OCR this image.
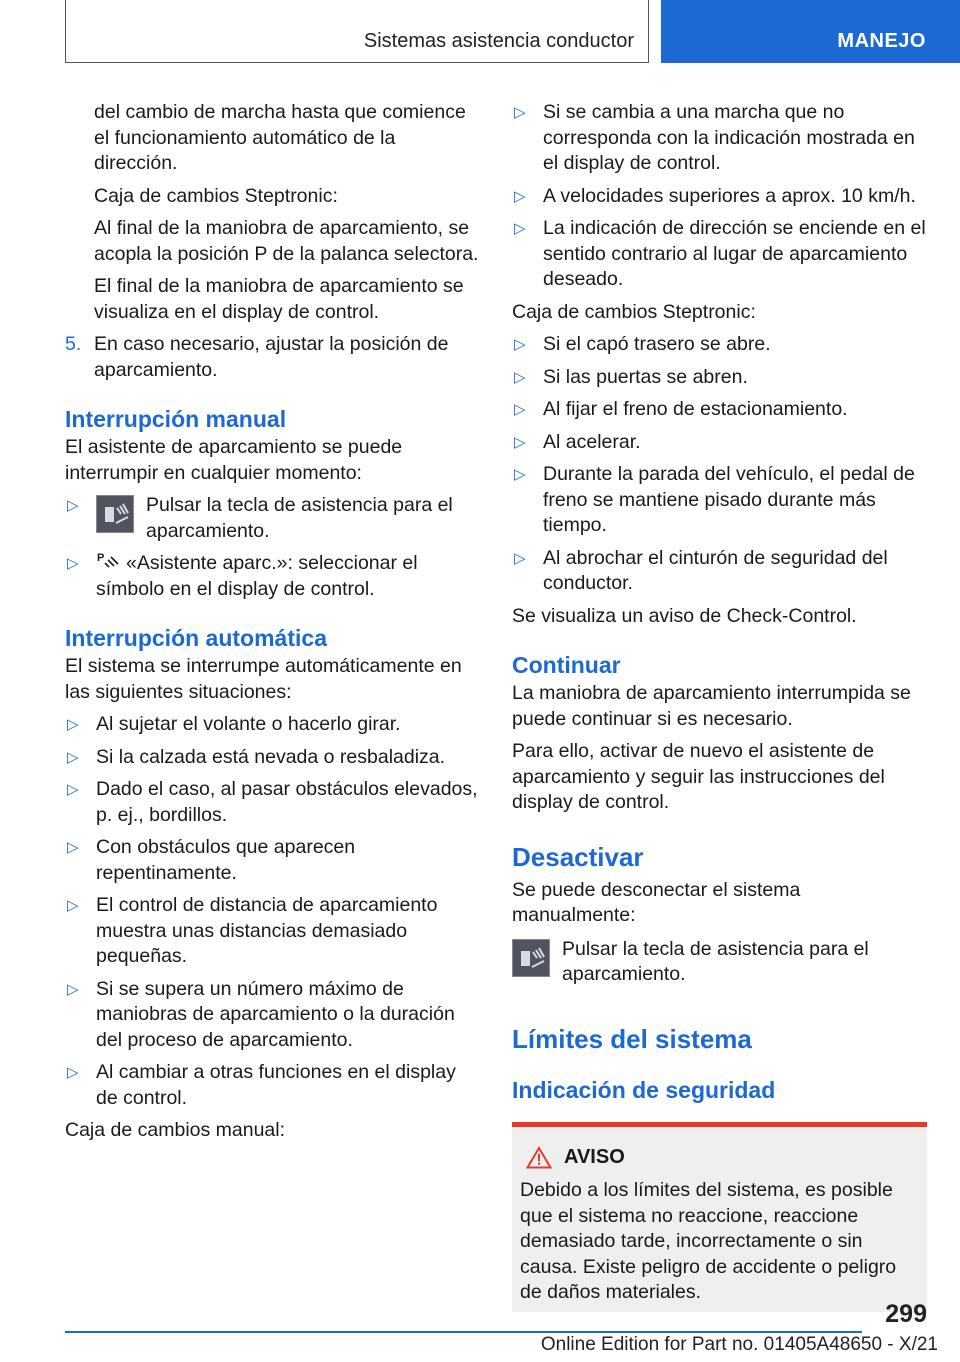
Sistemas asistencia conductor	MANEJO

del cambio de marcha hasta que comience el funcionamiento automático de la dirección.

Caja de cambios Steptronic:

Al final de la maniobra de aparcamiento, se acopla la posición P de la palanca selectora.

El final de la maniobra de aparcamiento se visualiza en el display de control.

5. En caso necesario, ajustar la posición de aparcamiento.
Interrupción manual

El asistente de aparcamiento se puede interrumpir en cualquier momento:

▷	Pulsar la tecla de asistencia para el aparcamiento.
▷	P «Asistente aparc.»: seleccionar el símbolo en el display de control.
Interrupción automática

El sistema se interrumpe automáticamente en las siguientes situaciones:

▷ Al sujetar el volante o hacerlo girar.
▷ Si la calzada está nevada o resbaladiza.
▷ Dado el caso, al pasar obstáculos elevados, p. ej., bordillos.
▷ Con obstáculos que aparecen repentinamente.
▷ El control de distancia de aparcamiento muestra unas distancias demasiado pequeñas.
▷ Si se supera un número máximo de maniobras de aparcamiento o la duración del proceso de aparcamiento.
▷ Al cambiar a otras funciones en el display de control.

Caja de cambios manual:

▷ Si se cambia a una marcha que no corresponda con la indicación mostrada en el display de control.
▷ A velocidades superiores a aprox. 10 km/h.
▷ La indicación de dirección se enciende en el sentido contrario al lugar de aparcamiento deseado.

Caja de cambios Steptronic:

▷ Si el capó trasero se abre.
▷ Si las puertas se abren.
▷ Al fijar el freno de estacionamiento.
▷ Al acelerar.
▷ Durante la parada del vehículo, el pedal de freno se mantiene pisado durante más tiempo.
▷ Al abrochar el cinturón de seguridad del conductor.

Se visualiza un aviso de Check-Control.

Continuar

La maniobra de aparcamiento interrumpida se puede continuar si es necesario.

Para ello, activar de nuevo el asistente de aparcamiento y seguir las instrucciones del display de control.

Desactivar

Se puede desconectar el sistema manualmente:

Pulsar la tecla de asistencia para el aparcamiento.
Límites del sistema
Indicación de seguridad
AVISO

Debido a los límites del sistema, es posible que el sistema no reaccione, reaccione demasiado tarde, incorrectamente o sin causa. Existe peligro de accidente o peligro de daños materiales.

299
Online Edition for Part no. 01405A48650 - X/21
